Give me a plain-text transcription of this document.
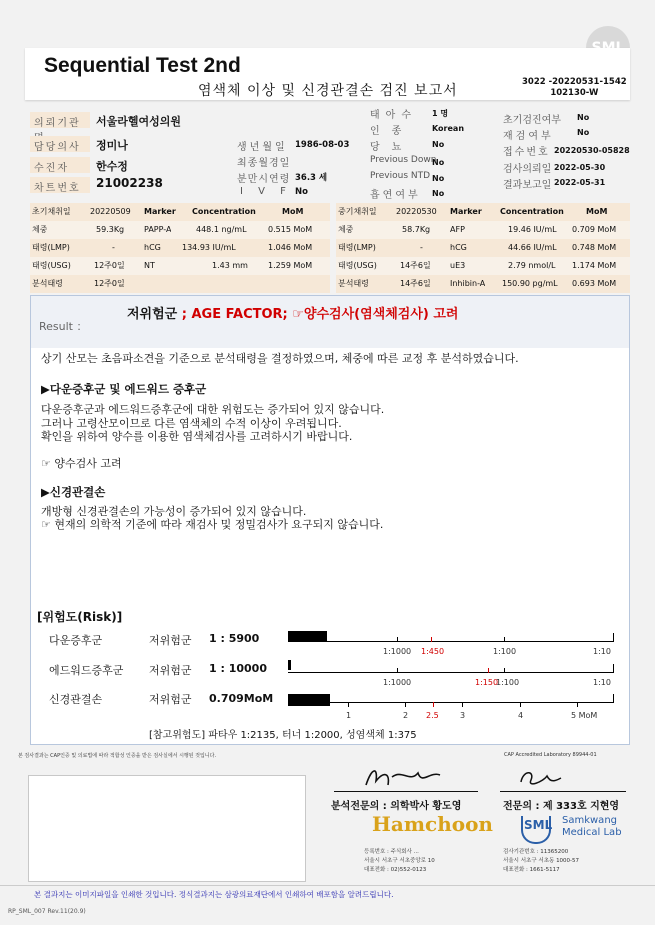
Sequential Test 2nd
염색체 이상 및 신경관결손 검진 보고서
3022 -20220531-1542
102130-W
의뢰기관	서울라헬여성의원
담당의사	정미나
수진자	한수정
차트번호	21002238
생년월일 1986-08-03
최종월경일
분만시연령 36.3 세
I V F No
태아수 1 명
인종 Korean
당뇨 No
Previous Down
No
Previous NTD No
흡연여부 No
초기검진여부 No
재검여부	No
접수번호 20220530-05828
검사의뢰일 2022-05-30
결과보고일 2022-05-31
초기채취일 20220509 Marker Concentration	MoM
체중	59.3Kg PAPP-A	448.1 ng/mL	0.515 MoM
태령(LMP)	-	hCG	134.93 IU/mL	1.046 MoM
태령(USG)	12주0일 NT	1.43 mm	1.259 MoM
분석태령	12주0일
중기채취일 20220530 Marker Concentration	MoM
체중	58.7Kg AFP	19.46 IU/mL 0.709 MoM
태령(LMP)	-	hCG	44.66 IU/mL 0.748 MoM
태령(USG)	14주6일 uE3	2.79 nmol/L 1.174 MoM
분석태령	14주6일 Inhibin-A 150.90 pg/mL 0.693 MoM
Result ：
저위험군 ; AGE FACTOR; ☞양수검사(염색체검사) 고려
상기 산모는 초음파소견을 기준으로 분석태령을 결정하였으며, 체중에 따른 교정 후 분석하였습니다.
▶다운증후군 및 에드워드 증후군
다운증후군과 에드워드증후군에 대한 위험도는 증가되어 있지 않습니다.
그러나 고령산모이므로 다른 염색체의 수적 이상이 우려됩니다.
확인을 위하여 양수를 이용한 염색체검사를 고려하시기 바랍니다.
☞ 양수검사 고려
▶신경관결손
개방형 신경관결손의 가능성이 증가되어 있지 않습니다.
☞ 현재의 의학적 기준에 따라 재검사 및 정밀검사가 요구되지 않습니다.
[위험도(Risk)]
다운증후군	저위험군 1 : 5900
에드워드증후군 저위험군 1 : 10000
신경관결손	저위험군 0.709MoM
1:1000 1:450	1:100	1:10
1:1000	1:150
1:100	1:10
1	2 2.5	3	4	5 MoM
[참고위험도] 파타우 1:2135, 터너 1:2000, 성염색체 1:375
본 검사결과는 CAP인증 및 의료법에 따라 적합성 인증을 받은 검사실에서 시행된 것입니다.	CAP Accredited Laboratory 89944-01
분석전문의 : 의학박사 황도영	전문의 : 제 333호 지현영
Hamchoon
등록번호 : 주식회사 ...
서울시 서초구 서초중앙로 10
대표전화 : 02)552-0123
SML Samkwang
Medical Lab
검사기관번호 : 11365200
서울시 서초구 서초동 1000-57
대표전화 : 1661-5117
본 결과지는 이미지파일을 인쇄한 것입니다. 정식결과지는 삼광의료재단에서 인쇄하여 배포함을 알려드립니다.
RP_SML_007 Rev.11(20.9)
